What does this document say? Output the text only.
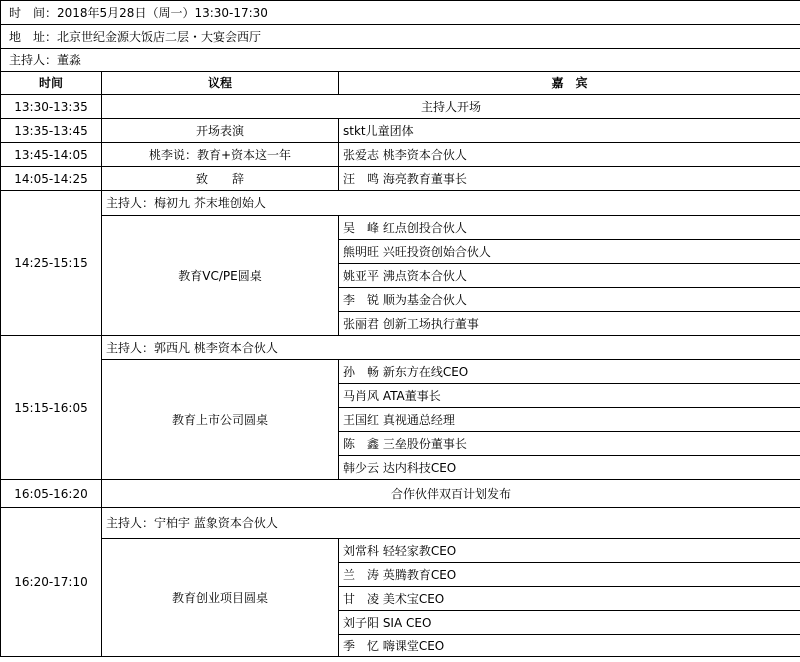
时　间：2018年5月28日（周一）13:30-17:30		
地　址：北京世纪金源大饭店二层・大宴会西厅		
主持人：董淼		
时间	议程	嘉　宾
13:30-13:35	主持人开场	
13:35-13:45	开场表演	stkt儿童团体
13:45-14:05	桃李说：教育+资本这一年	张爱志 桃李资本合伙人
14:05-14:25	致　　辞	汪　鸣 海亮教育董事长
14:25-15:15	主持人：梅初九 芥末堆创始人	
	教育VC/PE圆桌	吴　峰 红点创投合伙人
		熊明旺 兴旺投资创始合伙人
		姚亚平 沸点资本合伙人
		李　锐 顺为基金合伙人
		张丽君 创新工场执行董事
15:15-16:05	主持人：郭西凡 桃李资本合伙人	
	教育上市公司圆桌	孙　畅 新东方在线CEO
		马肖风 ATA董事长
		王国红 真视通总经理
		陈　鑫 三垒股份董事长
		韩少云 达内科技CEO
16:05-16:20	合作伙伴双百计划发布	
16:20-17:10	主持人：宁柏宇 蓝象资本合伙人	
	教育创业项目圆桌	刘常科 轻轻家教CEO
		兰　涛 英腾教育CEO
		甘　凌 美术宝CEO
		刘子阳 SIA CEO
		季　忆 嗨课堂CEO
